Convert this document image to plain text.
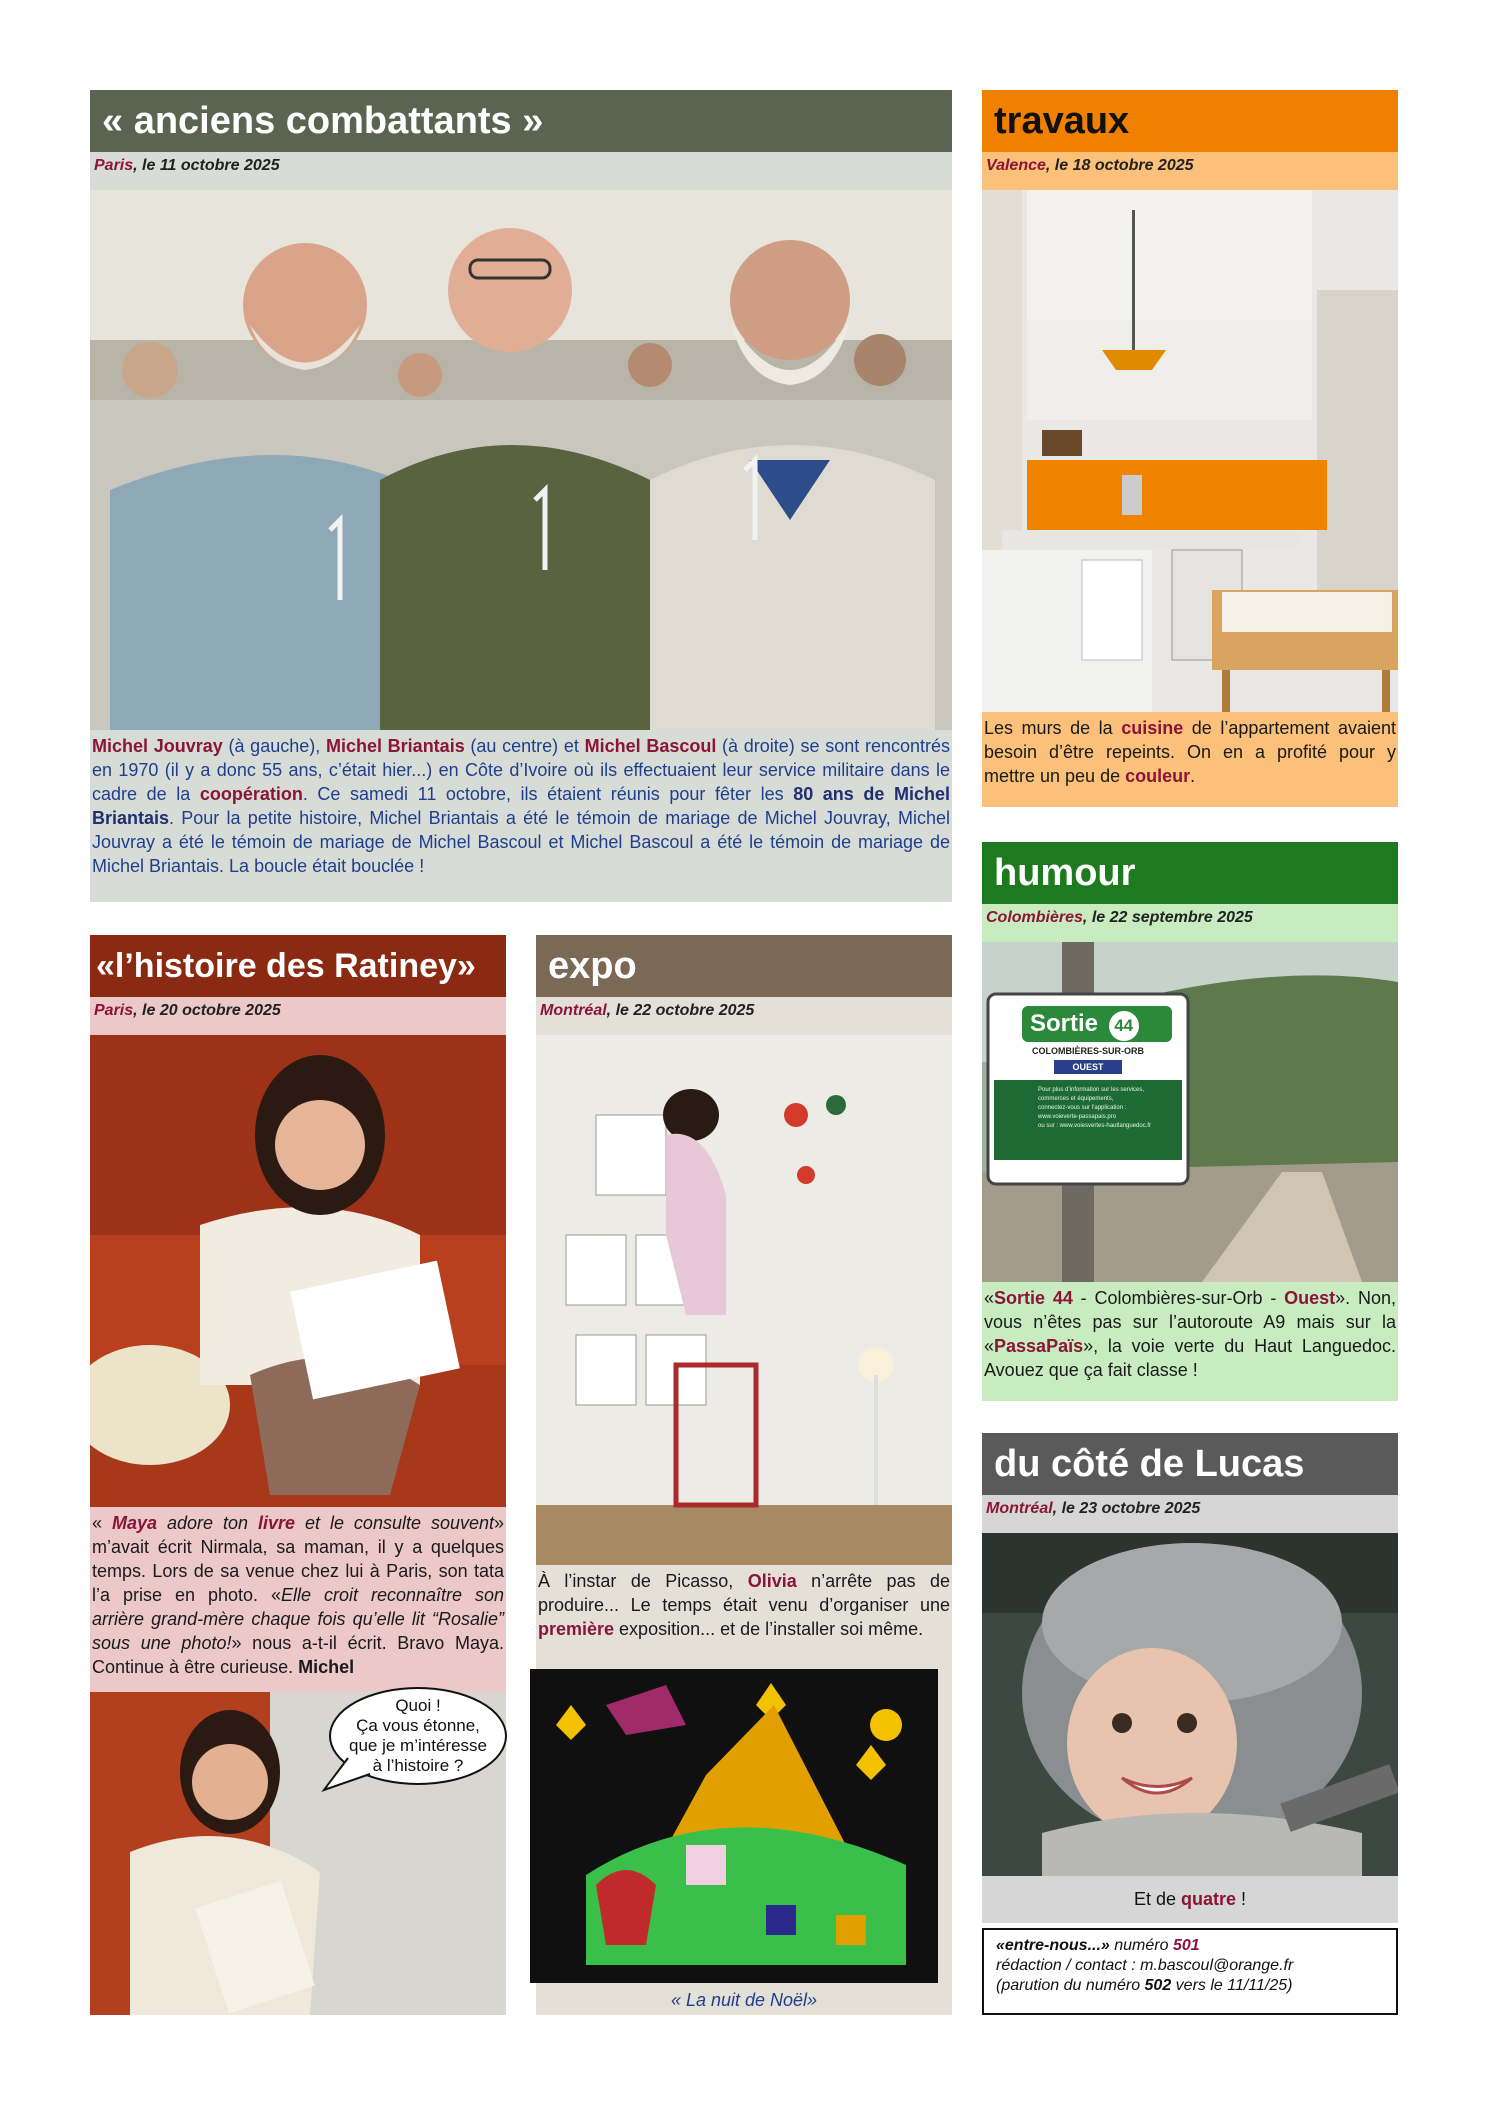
« anciens combattants »
Paris, le 11 octobre 2025
Michel Jouvray (à gauche), Michel Briantais (au centre) et Michel Bascoul (à droite) se sont rencontrés en 1970 (il y a donc 55 ans, c’était hier...) en Côte d’Ivoire où ils effectuaient leur service militaire dans le cadre de la coopération. Ce samedi 11 octobre, ils étaient réunis pour fêter les 80 ans de Michel Briantais. Pour la petite histoire, Michel Briantais a été le témoin de mariage de Michel Jouvray, Michel Jouvray a été le témoin de mariage de Michel Bascoul et Michel Bascoul a été le témoin de mariage de Michel Briantais. La boucle était bouclée !
travaux
Valence, le 18 octobre 2025
Les murs de la cuisine de l’appartement avaient besoin d’être repeints. On en a profité pour y mettre un peu de couleur.
humour
Colombières, le 22 septembre 2025
Sortie 44
COLOMBIÈRES-SUR-ORB
OUEST
Pour plus d’information sur les services,
commerces et équipements,
connectez-vous sur l’application :
www.voieverte-passapais.pro
ou sur : www.voiesvertes-hautlanguedoc.fr
«Sortie 44 - Colombières-sur-Orb - Ouest». Non, vous n’êtes pas sur l’autoroute A9 mais sur la «PassaPaïs», la voie verte du Haut Languedoc. Avouez que ça fait classe !
«l’histoire des Ratiney»
Paris, le 20 octobre 2025
« Maya adore ton livre et le consulte souvent» m’avait écrit Nirmala, sa maman, il y a quelques temps. Lors de sa venue chez lui à Paris, son tata l’a prise en photo. «Elle croit reconnaître son arrière grand-mère chaque fois qu’elle lit “Rosalie” sous une photo!» nous a-t-il écrit. Bravo Maya. Continue à être curieuse. Michel
Quoi !
Ça vous étonne,
que je m’intéresse
à l’histoire ?
expo
Montréal, le 22 octobre 2025
À l’instar de Picasso, Olivia n’arrête pas de produire... Le temps était venu d’organiser une première exposition... et de l’installer soi même.
« La nuit de Noël»
du côté de Lucas
Montréal, le 23 octobre 2025
Et de quatre !
«entre-nous...» numéro 501
rédaction / contact : m.bascoul@orange.fr
(parution du numéro 502 vers le 11/11/25)
